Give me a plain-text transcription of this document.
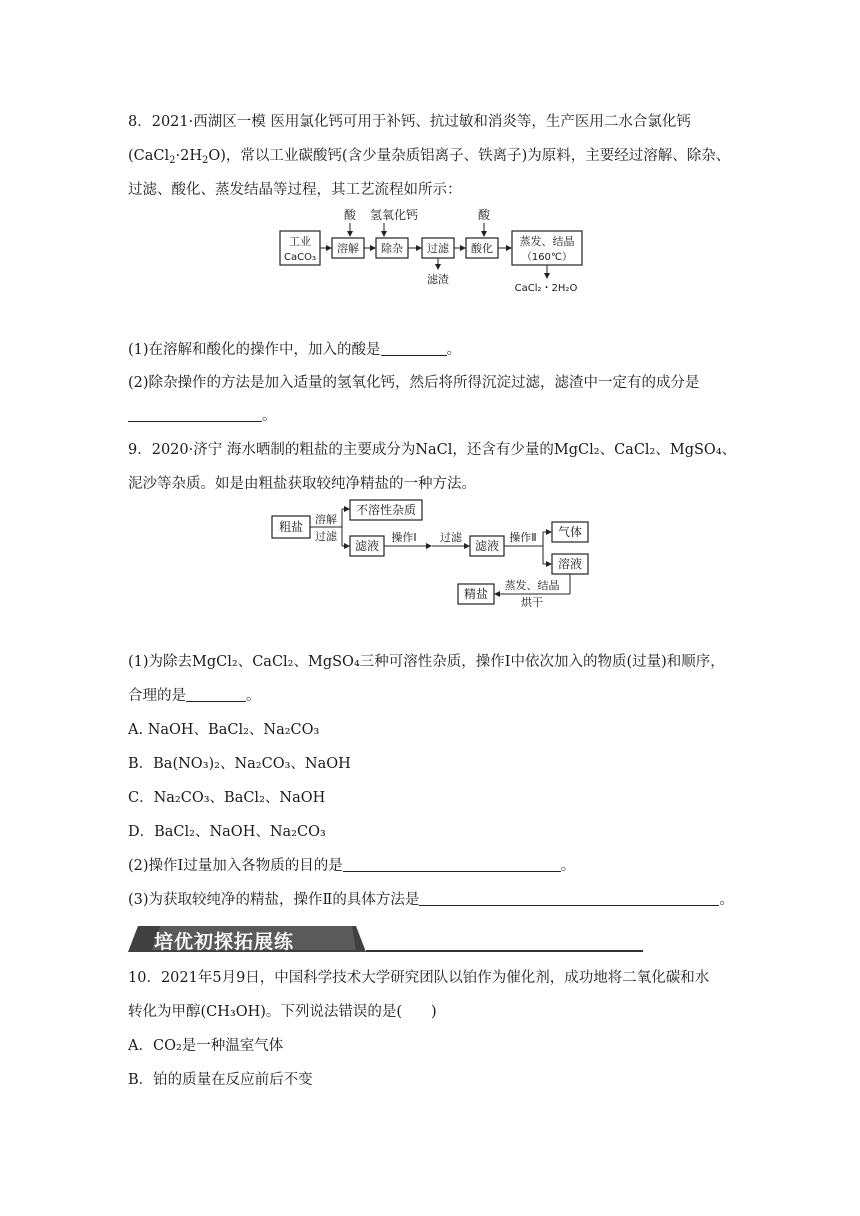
8．2021·西湖区一模 医用氯化钙可用于补钙、抗过敏和消炎等，生产医用二水合氯化钙
$(CaCl_2\cdot 2H_2O)$，常以工业碳酸钙(含少量杂质铝离子、铁离子)为原料，主要经过溶解、除杂、
过滤、酸化、蒸发结晶等过程，其工艺流程如所示：
酸 氢氧化钙	酸
工业
CaCO₃
溶解 除杂 过滤 酸化
蒸发、结晶
（160℃）
滤渣
CaCl₂・2H₂O
(1)在溶解和酸化的操作中，加入的酸是	。
(2)除杂操作的方法是加入适量的氢氧化钙，然后将所得沉淀过滤，滤渣中一定有的成分是
。
9．2020·济宁 海水晒制的粗盐的主要成分为NaCl，还含有少量的MgCl₂、CaCl₂、MgSO₄、
泥沙等杂质。如是由粗盐获取较纯净精盐的一种方法。
粗盐
溶解
过滤
不溶性杂质
滤液
操作Ⅰ 过滤
滤液
操作Ⅱ 气体
溶液
蒸发、结晶
烘干
精盐
(1)为除去MgCl₂、CaCl₂、MgSO₄三种可溶性杂质，操作Ⅰ中依次加入的物质(过量)和顺序，
合理的是	。
A. NaOH、BaCl₂、Na₂CO₃
B．Ba(NO₃)₂、Na₂CO₃、NaOH
C．Na₂CO₃、BaCl₂、NaOH
D．BaCl₂、NaOH、Na₂CO₃
(2)操作Ⅰ过量加入各物质的目的是	。
(3)为获取较纯净的精盐，操作Ⅱ的具体方法是	。
培优初探拓展练
10．2021年5月9日，中国科学技术大学研究团队以铂作为催化剂，成功地将二氧化碳和水
转化为甲醇(CH₃OH)。下列说法错误的是(　　)
A．CO₂是一种温室气体
B．铂的质量在反应前后不变
